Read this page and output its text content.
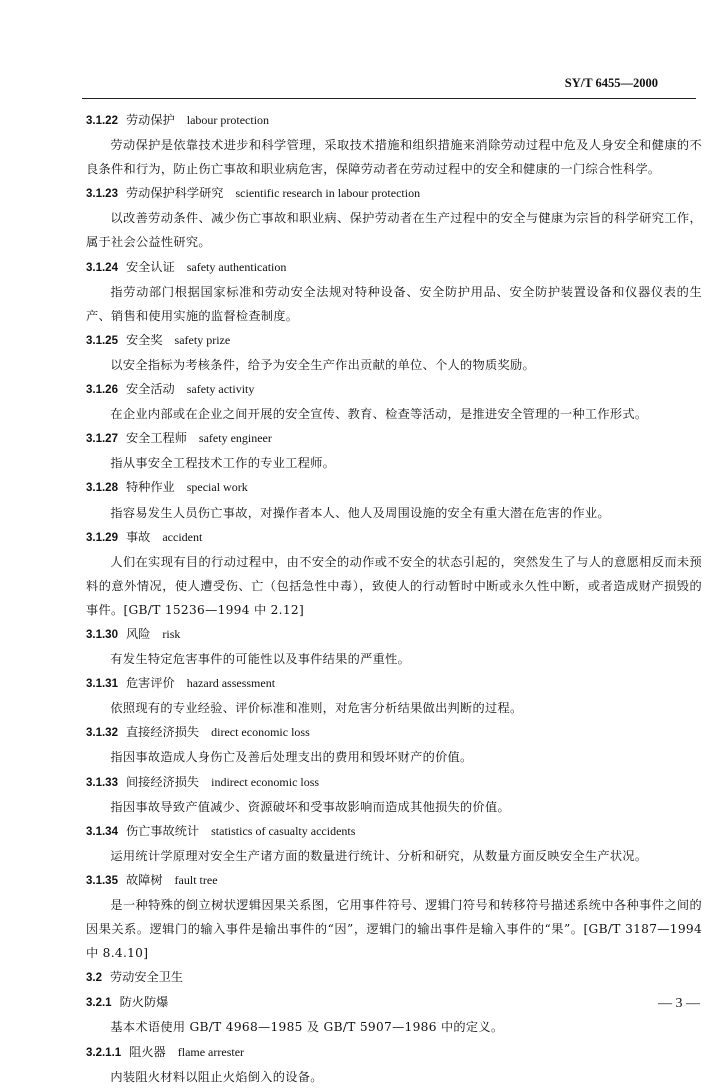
SY/T 6455—2000
3.1.22 劳动保护 labour protection

劳动保护是依靠技术进步和科学管理，采取技术措施和组织措施来消除劳动过程中危及人身安全和健康的不良条件和行为，防止伤亡事故和职业病危害，保障劳动者在劳动过程中的安全和健康的一门综合性科学。

3.1.23 劳动保护科学研究 scientific research in labour protection

以改善劳动条件、减少伤亡事故和职业病、保护劳动者在生产过程中的安全与健康为宗旨的科学研究工作，属于社会公益性研究。

3.1.24 安全认证 safety authentication

指劳动部门根据国家标准和劳动安全法规对特种设备、安全防护用品、安全防护装置设备和仪器仪表的生产、销售和使用实施的监督检查制度。

3.1.25 安全奖 safety prize

以安全指标为考核条件，给予为安全生产作出贡献的单位、个人的物质奖励。

3.1.26 安全活动 safety activity

在企业内部或在企业之间开展的安全宣传、教育、检查等活动，是推进安全管理的一种工作形式。

3.1.27 安全工程师 safety engineer

指从事安全工程技术工作的专业工程师。

3.1.28 特种作业 special work

指容易发生人员伤亡事故，对操作者本人、他人及周围设施的安全有重大潜在危害的作业。

3.1.29 事故 accident

人们在实现有目的行动过程中，由不安全的动作或不安全的状态引起的，突然发生了与人的意愿相反而未预料的意外情况，使人遭受伤、亡（包括急性中毒），致使人的行动暂时中断或永久性中断，或者造成财产损毁的事件。[GB/T 15236—1994 中 2.12]

3.1.30 风险 risk

有发生特定危害事件的可能性以及事件结果的严重性。

3.1.31 危害评价 hazard assessment

依照现有的专业经验、评价标准和准则，对危害分析结果做出判断的过程。

3.1.32 直接经济损失 direct economic loss

指因事故造成人身伤亡及善后处理支出的费用和毁坏财产的价值。

3.1.33 间接经济损失 indirect economic loss

指因事故导致产值减少、资源破坏和受事故影响而造成其他损失的价值。

3.1.34 伤亡事故统计 statistics of casualty accidents

运用统计学原理对安全生产诸方面的数量进行统计、分析和研究，从数量方面反映安全生产状况。

3.1.35 故障树 fault tree

是一种特殊的倒立树状逻辑因果关系图，它用事件符号、逻辑门符号和转移符号描述系统中各种事件之间的因果关系。逻辑门的输入事件是输出事件的“因”，逻辑门的输出事件是输入事件的“果”。[GB/T 3187—1994 中 8.4.10]

3.2 劳动安全卫生
3.2.1 防火防爆

基本术语使用 GB/T 4968—1985 及 GB/T 5907—1986 中的定义。

3.2.1.1 阻火器 flame arrester

内装阻火材料以阻止火焰倒入的设备。

— 3 —
